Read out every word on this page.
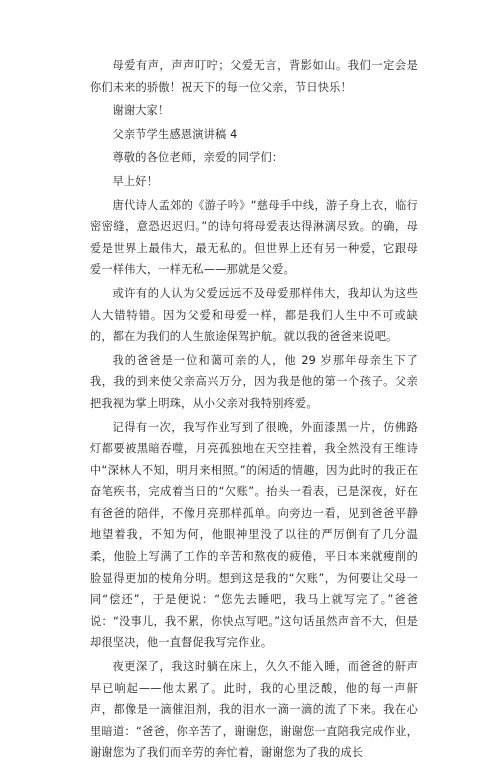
母爱有声，声声叮咛；父爱无言，背影如山。我们一定会是你们未来的骄傲！祝天下的每一位父亲，节日快乐！

谢谢大家！

父亲节学生感恩演讲稿 4

尊敬的各位老师，亲爱的同学们：

早上好！

唐代诗人孟郊的《游子吟》“慈母手中线，游子身上衣，临行密密缝，意恐迟迟归。”的诗句将母爱表达得淋漓尽致。的确，母爱是世界上最伟大，最无私的。但世界上还有另一种爱，它跟母爱一样伟大，一样无私——那就是父爱。

或许有的人认为父爱远远不及母爱那样伟大，我却认为这些人大错特错。因为父爱和母爱一样，都是我们人生中不可或缺的，都在为我们的人生旅途保驾护航。就以我的爸爸来说吧。

我的爸爸是一位和蔼可亲的人，他 29 岁那年母亲生下了我，我的到来使父亲高兴万分，因为我是他的第一个孩子。父亲把我视为掌上明珠，从小父亲对我特别疼爱。

记得有一次，我写作业写到了很晚，外面漆黑一片，仿佛路灯都要被黑暗吞噬，月亮孤独地在天空挂着，我全然没有王维诗中“深林人不知，明月来相照。”的闲适的情趣，因为此时的我正在奋笔疾书，完成着当日的“欠账”。抬头一看表，已是深夜，好在有爸爸的陪伴，不像月亮那样孤单。向旁边一看，见到爸爸平静地望着我，不知为何，他眼神里没了以往的严厉倒有了几分温柔，他脸上写满了工作的辛苦和熬夜的疲倦，平日本来就瘦削的脸显得更加的棱角分明。想到这是我的“欠账”，为何要让父母一同“偿还”，于是便说：“您先去睡吧，我马上就写完了。”爸爸说：“没事儿，我不累，你快点写吧。”这句话虽然声音不大，但是却很坚决，他一直督促我写完作业。

夜更深了，我这时躺在床上，久久不能入睡，而爸爸的鼾声早已响起——他太累了。此时，我的心里泛酸，他的每一声鼾声，都像是一滴催泪剂，我的泪水一滴一滴的流了下来。我在心里暗道：“爸爸，你辛苦了，谢谢您，谢谢您一直陪我完成作业，谢谢您为了我们而辛劳的奔忙着，谢谢您为了我的成长
